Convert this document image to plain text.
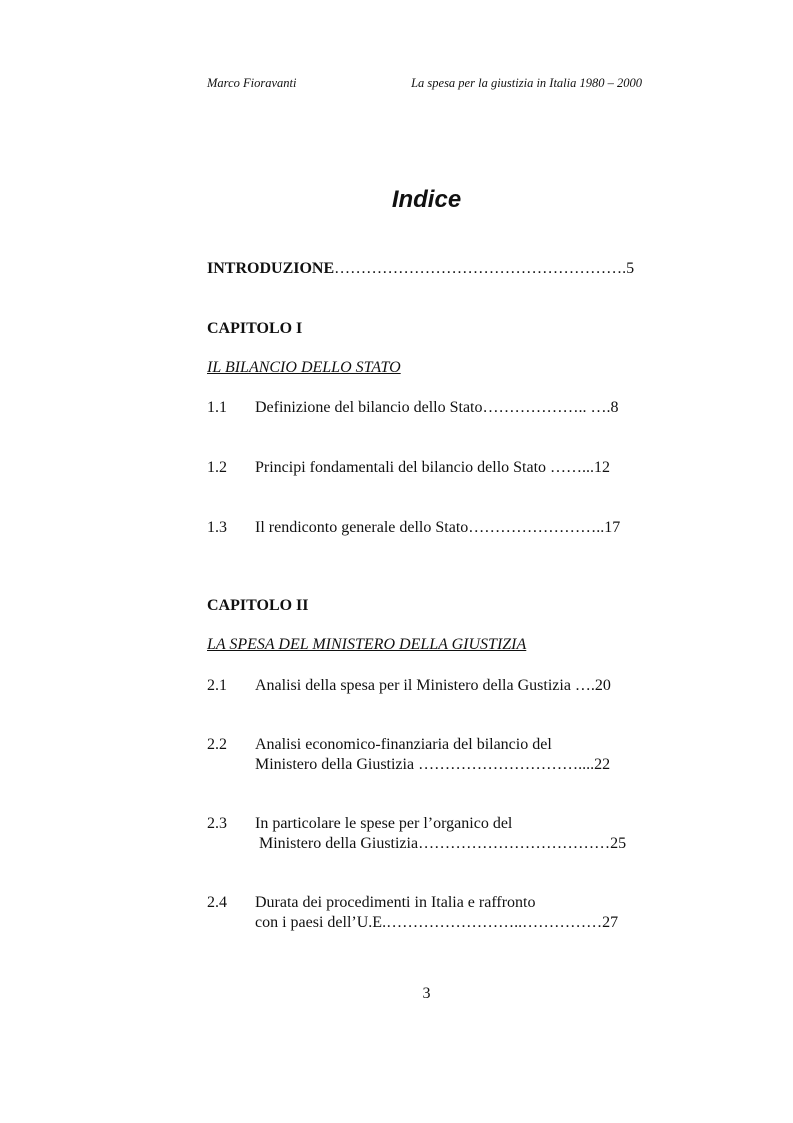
Marco Fioravanti	La spesa per la giustizia in Italia 1980 – 2000
Indice
INTRODUZIONE……………………………………………….5
CAPITOLO I
IL BILANCIO DELLO STATO
1.1 Definizione del bilancio dello Stato……………….. ….8
1.2 Principi fondamentali del bilancio dello Stato ……...12
1.3 Il rendiconto generale dello Stato……………………..17
CAPITOLO II
LA SPESA DEL MINISTERO DELLA GIUSTIZIA
2.1 Analisi della spesa per il Ministero della Gustizia ….20
2.2 Analisi economico-finanziaria del bilancio del
Ministero della Giustizia …………………………....22
2.3 In particolare le spese per l’organico del
Ministero della Giustizia………………………………25
2.4 Durata dei procedimenti in Italia e raffronto
con i paesi dell’U.E.……………………..……………27
3
